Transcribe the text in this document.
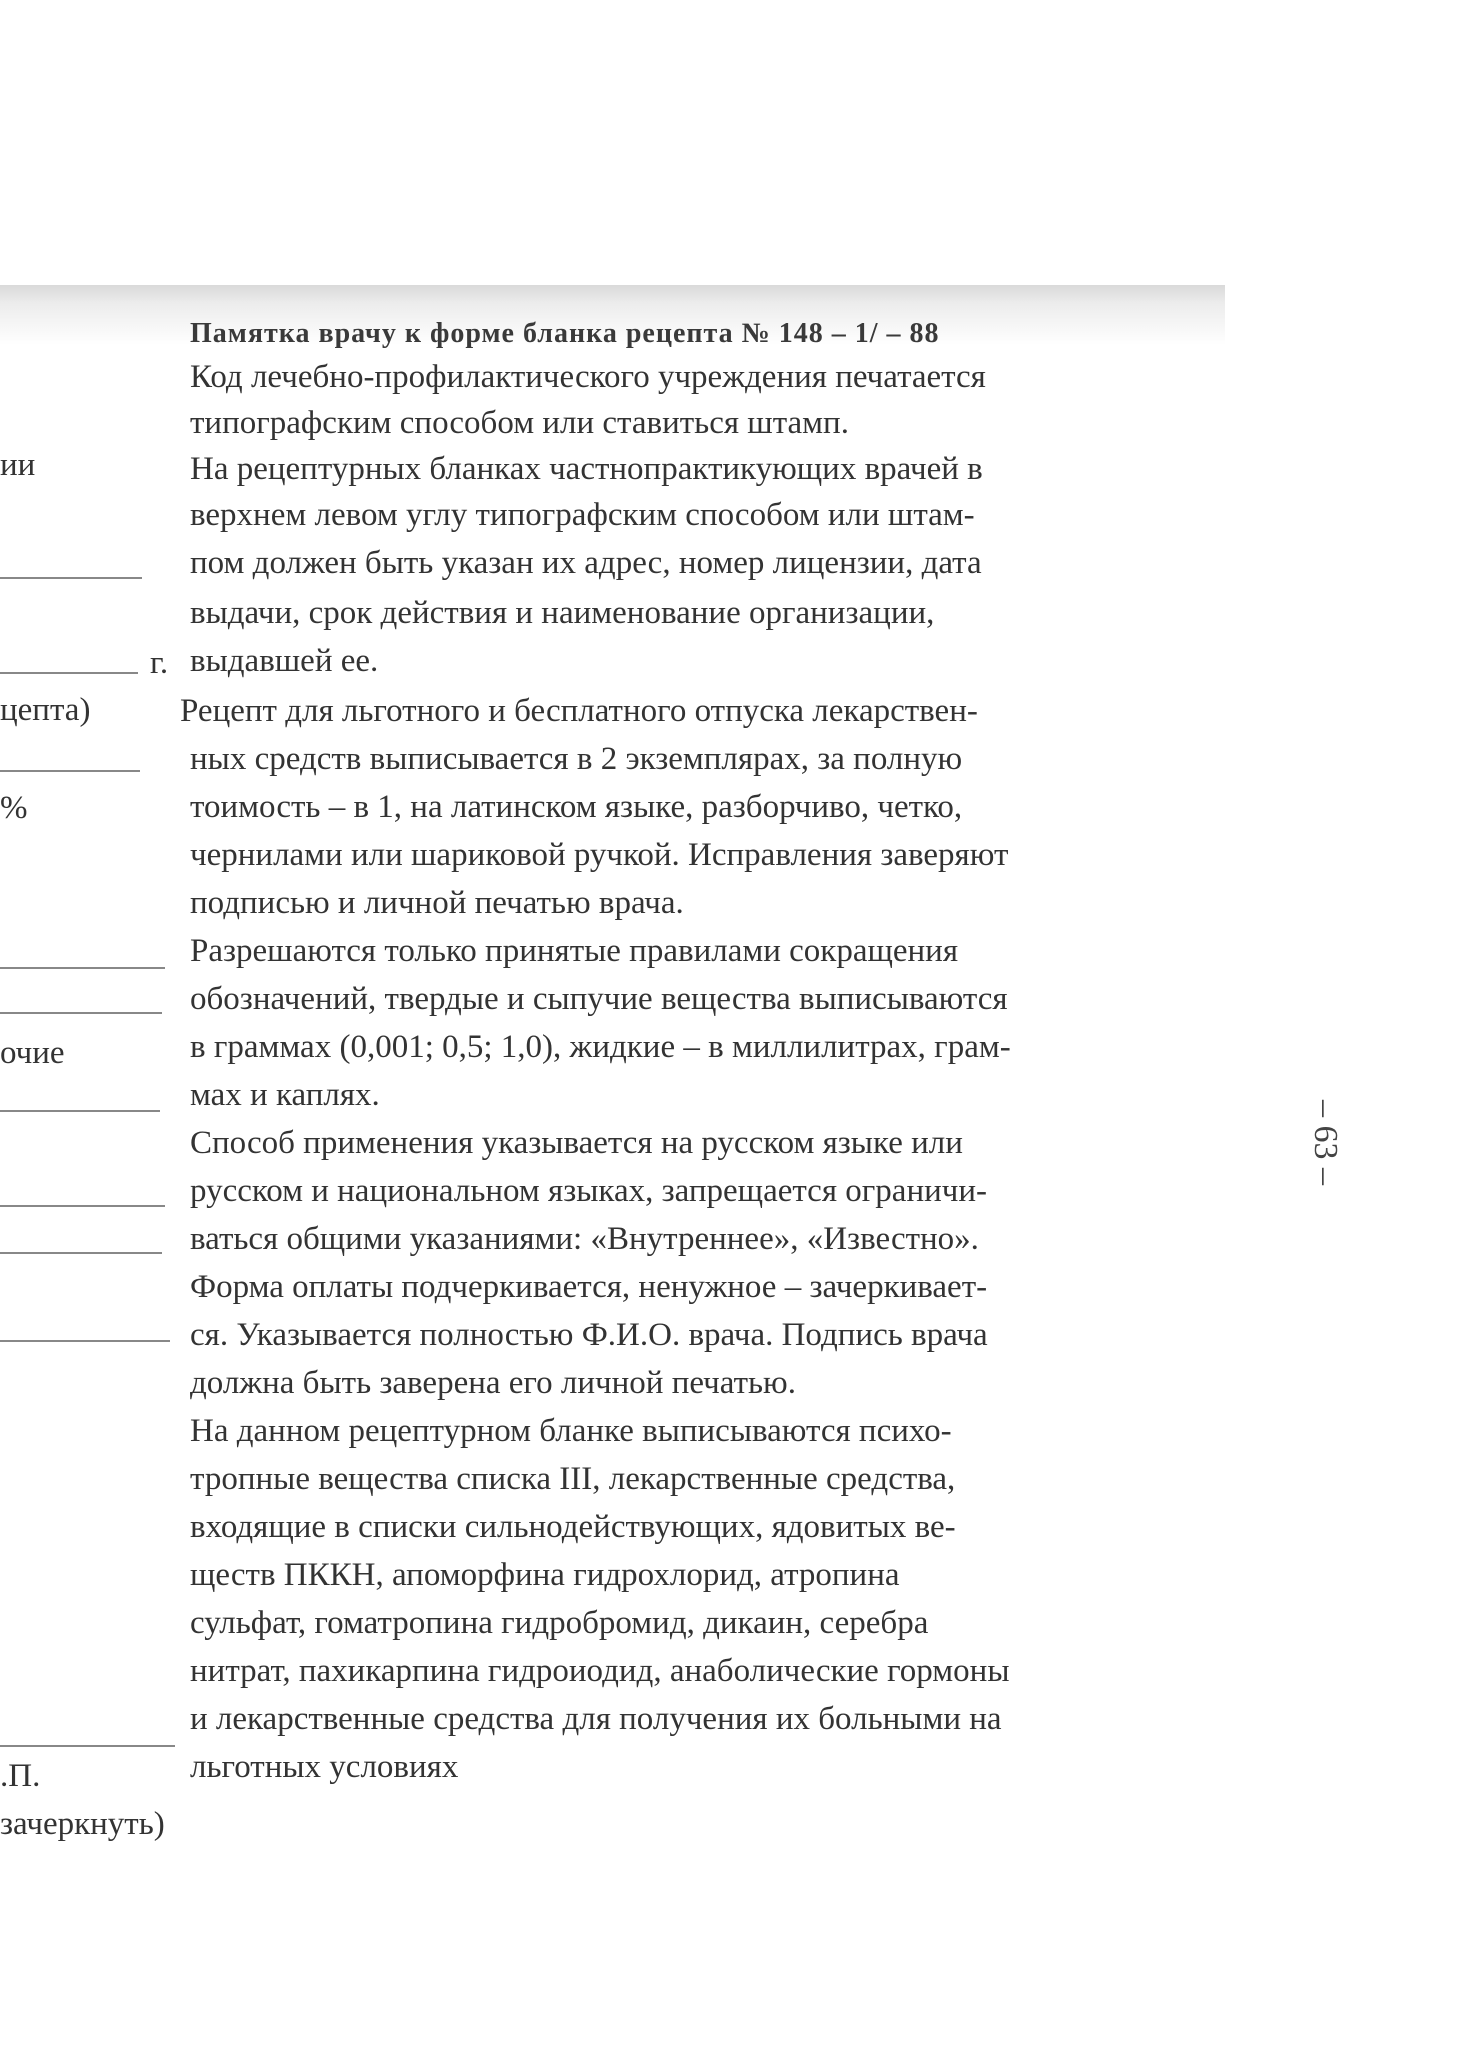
ии
г.
цепта)
%
очие
.П.
зачеркнуть)
Памятка врачу к форме бланка рецепта № 148 – 1/ – 88
Код лечебно-профилактического учреждения печатается
типографским способом или ставиться штамп.
На рецептурных бланках частнопрактикующих врачей в
верхнем левом углу типографским способом или штам-
пом должен быть указан их адрес, номер лицензии, дата
выдачи, срок действия и наименование организации,
выдавшей ее.
Рецепт для льготного и бесплатного отпуска лекарствен-
ных средств выписывается в 2 экземплярах, за полную
тоимость – в 1, на латинском языке, разборчиво, четко,
чернилами или шариковой ручкой. Исправления заверяют
подписью и личной печатью врача.
Разрешаются только принятые правилами сокращения
обозначений, твердые и сыпучие вещества выписываются
в граммах (0,001; 0,5; 1,0), жидкие – в миллилитрах, грам-
мах и каплях.
Способ применения указывается на русском языке или
русском и национальном языках, запрещается ограничи-
ваться общими указаниями: «Внутреннее», «Известно».
Форма оплаты подчеркивается, ненужное – зачеркивает-
ся. Указывается полностью Ф.И.О. врача. Подпись врача
должна быть заверена его личной печатью.
На данном рецептурном бланке выписываются психо-
тропные вещества списка III, лекарственные средства,
входящие в списки сильнодействующих, ядовитых ве-
ществ ПККН, апоморфина гидрохлорид, атропина
сульфат, гоматропина гидробромид, дикаин, серебра
нитрат, пахикарпина гидроиодид, анаболические гормоны
и лекарственные средства для получения их больными на
льготных условиях
– 63 –
